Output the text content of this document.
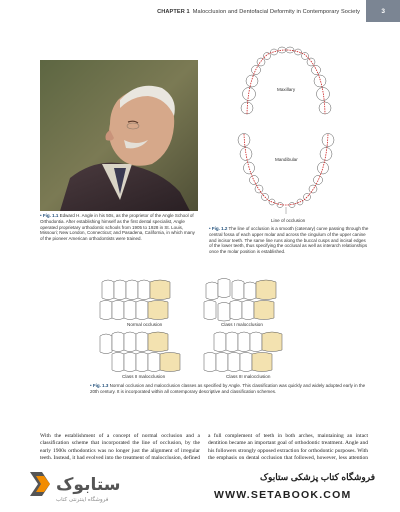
CHAPTER 1 Malocclusion and Dentofacial Deformity in Contemporary Society	3
• Fig. 1.1 Edward H. Angle in his 50s, as the proprietor of the Angle School of Orthodontia. After establishing himself as the first dental specialist, Angle operated proprietary orthodontic schools from 1905 to 1928 in St. Louis, Missouri; New London, Connecticut; and Pasadena, California, in which many of the pioneer American orthodontists were trained.
Maxillary
Mandibular
Line of occlusion
• Fig. 1.2 The line of occlusion is a smooth (catenary) curve passing through the central fossa of each upper molar and across the cingulum of the upper canine and incisor teeth. The same line runs along the buccal cusps and incisal edges of the lower teeth, thus specifying the occlusal as well as interarch relationships once the molar position is established.
Normal occlusion	Class I malocclusion
Class II malocclusion	Class III malocclusion
• Fig. 1.3 Normal occlusion and malocclusion classes as specified by Angle. This classification was quickly and widely adopted early in the 20th century. It is incorporated within all contemporary descriptive and classification schemes.
With the establishment of a concept of normal occlusion and a classification scheme that incorporated the line of occlusion, by the early 1900s orthodontics was no longer just the alignment of irregular teeth. Instead, it had evolved into the treatment of malocclusion, defined
a full complement of teeth in both arches, maintaining an intact dentition became an important goal of orthodontic treatment. Angle and his followers strongly opposed extraction for orthodontic purposes. With the emphasis on dental occlusion that followed, however, less attention
ستابوک
فروشگاه اینترنتی کتاب
فروشگاه کتاب پزشکی ستابوک
WWW.SETABOOK.COM
